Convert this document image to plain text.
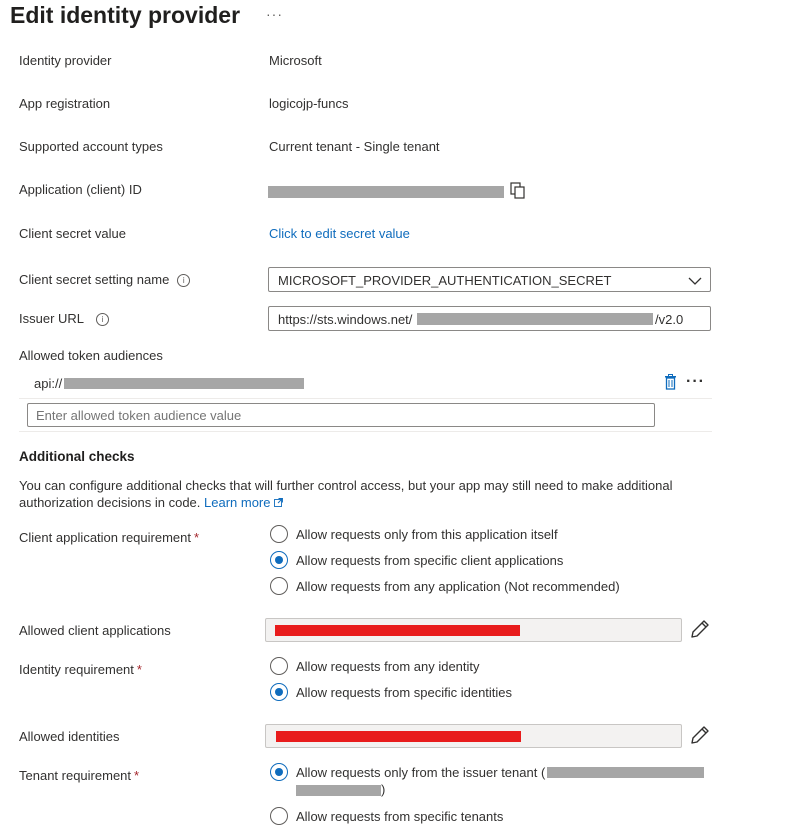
Edit identity provider ···
Identity provider	Microsoft
App registration	logicojp-funcs
Supported account types	Current tenant - Single tenant
Application (client) ID
Client secret value	Click to edit secret value
Client secret setting name i	MICROSOFT_PROVIDER_AUTHENTICATION_SECRET
Issuer URL i	https://sts.windows.net/	/v2.0
Allowed token audiences
api://	···
Enter allowed token audience value
Additional checks
You can configure additional checks that will further control access, but your app may still need to make additional authorization decisions in code. Learn more
Client application requirement *	Allow requests only from this application itself
Allow requests from specific client applications
Allow requests from any application (Not recommended)
Allowed client applications
Identity requirement *	Allow requests from any identity
Allow requests from specific identities
Allowed identities
Tenant requirement *	Allow requests only from the issuer tenant (
)
Allow requests from specific tenants
